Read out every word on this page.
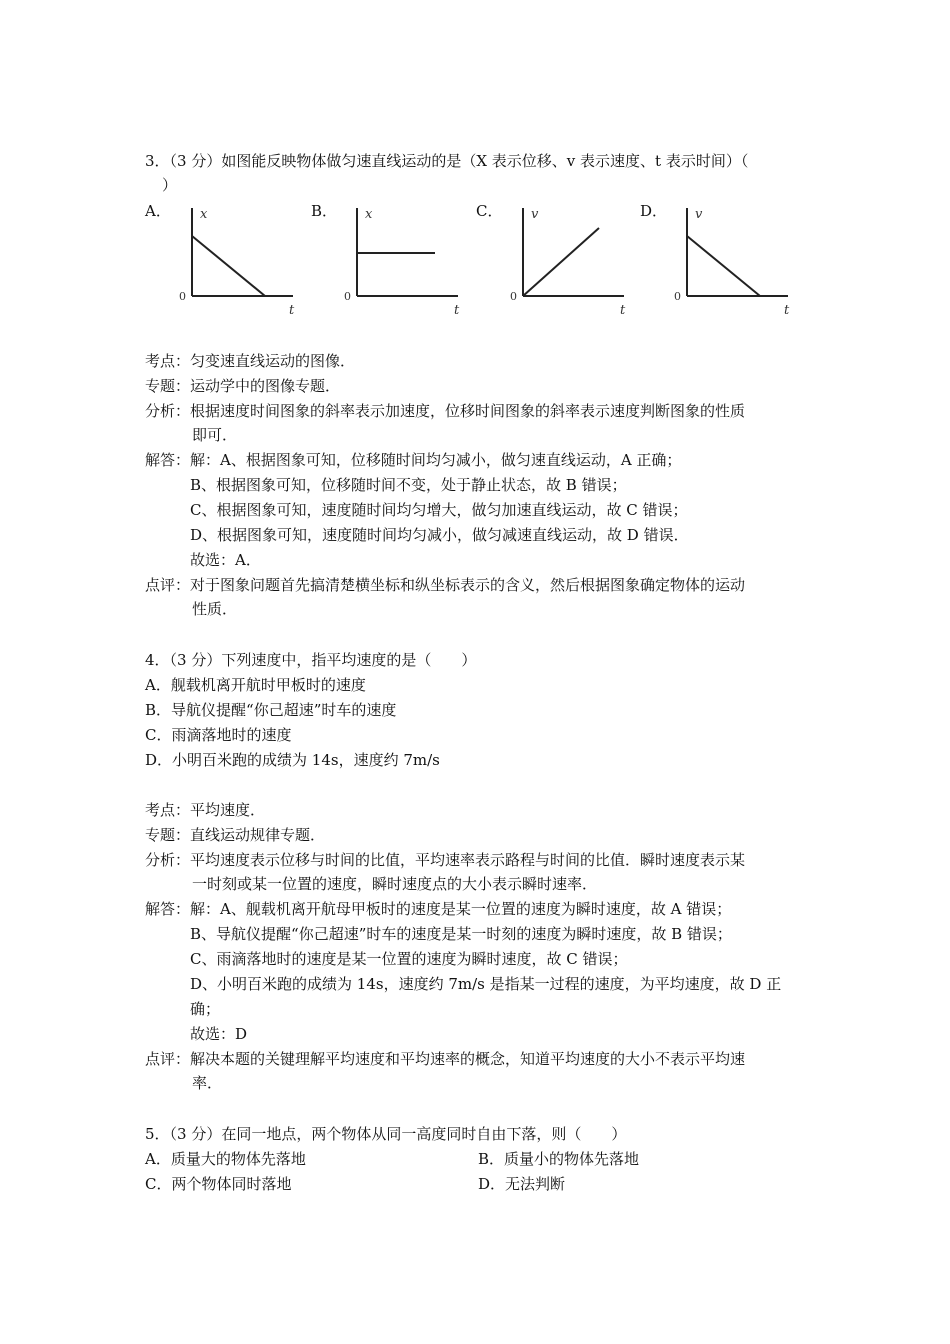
3．（3 分）如图能反映物体做匀速直线运动的是（X 表示位移、v 表示速度、t 表示时间）（
）
A． x
t
0
B． x
t
0
C． v
t
0
D． v
t
0
考点：匀变速直线运动的图像．
专题：运动学中的图像专题．
分析：根据速度时间图象的斜率表示加速度，位移时间图象的斜率表示速度判断图象的性质
即可．
解答：解：A、根据图象可知，位移随时间均匀减小，做匀速直线运动，A 正确；
B、根据图象可知，位移随时间不变，处于静止状态，故 B 错误；
C、根据图象可知，速度随时间均匀增大，做匀加速直线运动，故 C 错误；
D、根据图象可知，速度随时间均匀减小，做匀减速直线运动，故 D 错误．
故选：A．
点评：对于图象问题首先搞清楚横坐标和纵坐标表示的含义，然后根据图象确定物体的运动
性质．
4．（3 分）下列速度中，指平均速度的是（　　）
A．舰载机离开航时甲板时的速度
B．导航仪提醒“你己超速”时车的速度
C．雨滴落地时的速度
D．小明百米跑的成绩为 14s，速度约 7m/s
考点：平均速度．
专题：直线运动规律专题．
分析：平均速度表示位移与时间的比值，平均速率表示路程与时间的比值．瞬时速度表示某
一时刻或某一位置的速度，瞬时速度点的大小表示瞬时速率．
解答：解：A、舰载机离开航母甲板时的速度是某一位置的速度为瞬时速度，故 A 错误；
B、导航仪提醒“你己超速”时车的速度是某一时刻的速度为瞬时速度，故 B 错误；
C、雨滴落地时的速度是某一位置的速度为瞬时速度，故 C 错误；
D、小明百米跑的成绩为 14s，速度约 7m/s 是指某一过程的速度，为平均速度，故 D 正
确；
故选：D
点评：解决本题的关键理解平均速度和平均速率的概念，知道平均速度的大小不表示平均速
率．
5．（3 分）在同一地点，两个物体从同一高度同时自由下落，则（　　）
A．质量大的物体先落地	B．质量小的物体先落地
C．两个物体同时落地	D．无法判断
